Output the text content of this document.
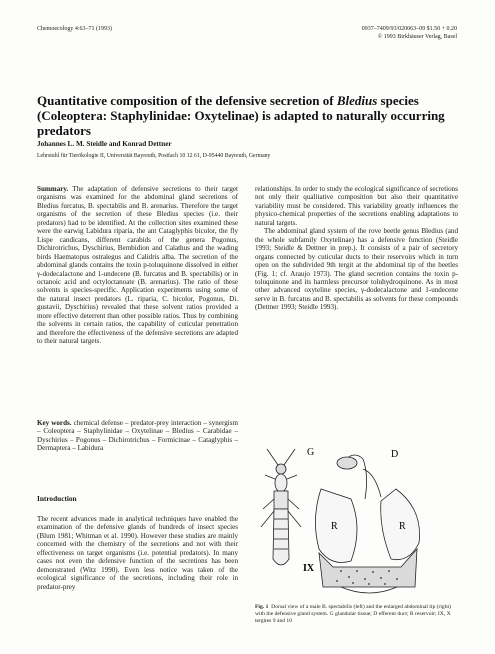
Chemoecology 4:63–71 (1993)	0937–7409/93/020063–09 $1.50 + 0.20
© 1993 Birkhäuser Verlag, Basel
Quantitative composition of the defensive secretion of Bledius species (Coleoptera: Staphylinidae: Oxytelinae) is adapted to naturally occurring predators
Johannes L. M. Steidle and Konrad Dettner
Lehrstuhl für Tierökologie II, Universität Bayreuth, Postfach 10 12 61, D-95440 Bayreuth, Germany

Summary. The adaptation of defensive secretions to their target organisms was examined for the abdominal gland secretions of Bledius furcatus, B. spectabilis and B. arenarius. Therefore the target organisms of the secretion of these Bledius species (i.e. their predators) had to be identified. At the collection sites examined these were the earwig Labidura riparia, the ant Cataglyphis bicolor, the fly Lispe candicans, different carabids of the genera Pogonus, Dichirotrichus, Dyschirius, Bembidion and Calathus and the wading birds Haematopus ostralegus and Calidris alba. The secretion of the abdominal glands contains the toxin p-toluquinone dissolved in either γ-dodecalactone and 1-undecene (B. furcatus and B. spectabilis) or in octanoic acid and octyloctanoate (B. arenarius). The ratio of these solvents is species-specific. Application experiments using some of the natural insect predators (L. riparia, C. bicolor, Pogonus, Di. gustavii, Dyschirius) revealed that these solvent ratios provided a more effective deterrent than other possible ratios. Thus by combining the solvents in certain ratios, the capability of cuticular penetration and therefore the effectiveness of the defensive secretions are adapted to their natural targets.

Key words. chemical defense – predator-prey interaction – synergism – Coleoptera – Staphylinidae – Oxytelinae – Bledius – Carabidae – Dyschirius – Pogonus – Dichirotrichus – Formicinae – Cataglyphis – Dermaptera – Labidura

Introduction

The recent advances made in analytical techniques have enabled the examination of the defensive glands of hundreds of insect species (Blum 1981; Whitman et al. 1990). However these studies are mainly concerned with the chemistry of the secretions and not with their effectiveness on target organisms (i.e. potential predators). In many cases not even the defensive function of the secretions has been demonstrated (Witz 1990). Even less notice was taken of the ecological significance of the secretions, including their role in predator-prey

relationships. In order to study the ecological significance of secretions not only their qualitative composition but also their quantitative variability must be considered. This variability greatly influences the physico-chemical properties of the secretions enabling adaptations to natural targets.

The abdominal gland system of the rove beetle genus Bledius (and the whole subfamily Oxytelinae) has a defensive function (Steidle 1993; Steidle & Dettner in prep.). It consists of a pair of secretory organs connected by cuticular ducts to their reservoirs which in turn open on the subdivided 9th tergit at the abdominal tip of the beetles (Fig. 1; cf. Araujo 1973). The gland secretion contains the toxin p-toluquinone and its harmless precursor toluhydroquinone. As in most other advanced oxyteline species, γ-dodecalactone and 1-undecene serve in B. furcatus and B. spectabilis as solvents for these compounds (Dettner 1993; Steidle 1993).

G	D
R	R
IX
Fig. 1 Dorsal view of a male B. spectabilis (left) and the enlarged abdominal tip (right) with the defensive gland system. G glandular tissue; D efferent duct; R reservoir; IX, X tergites 9 and 10
